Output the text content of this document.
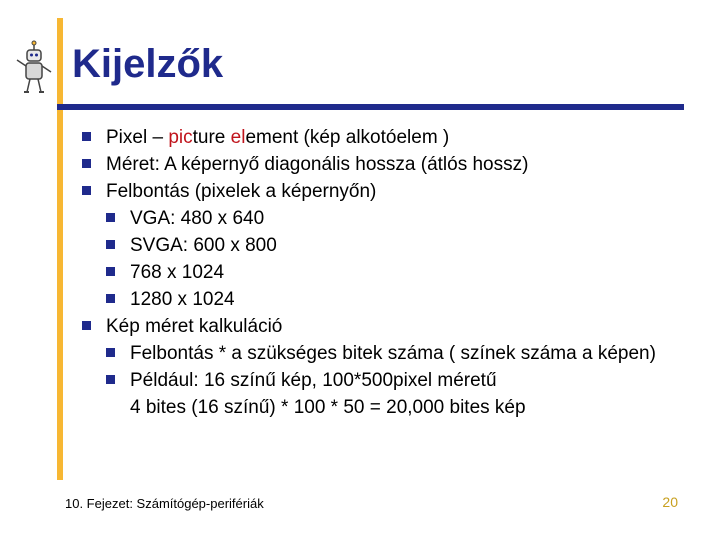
Kijelzők
Pixel – picture element (kép alkotóelem )
Méret: A képernyő diagonális hossza (átlós hossz)
Felbontás (pixelek a képernyőn)
VGA: 480 x 640
SVGA: 600 x 800
768 x 1024
1280 x 1024
Kép méret kalkuláció
Felbontás * a szükséges bitek száma ( színek száma a képen)
Például: 16 színű kép, 100*500pixel méretű
4 bites (16 színű) * 100 * 50 = 20,000 bites kép
10. Fejezet: Számítógép-perifériák	20
